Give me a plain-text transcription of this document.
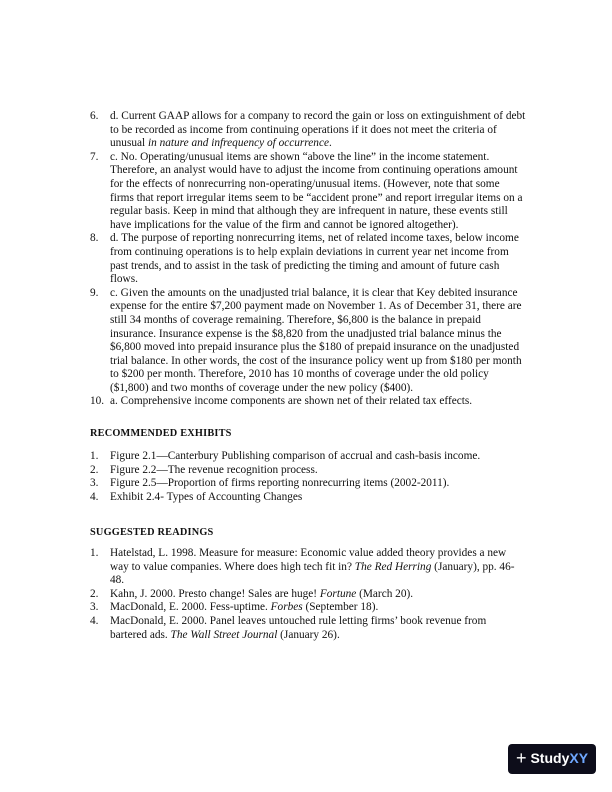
6. d. Current GAAP allows for a company to record the gain or loss on extinguishment of debt to be recorded as income from continuing operations if it does not meet the criteria of unusual in nature and infrequency of occurrence.

7. c. No. Operating/unusual items are shown “above the line” in the income statement. Therefore, an analyst would have to adjust the income from continuing operations amount for the effects of nonrecurring non-operating/unusual items. (However, note that some firms that report irregular items seem to be “accident prone” and report irregular items on a regular basis. Keep in mind that although they are infrequent in nature, these events still have implications for the value of the firm and cannot be ignored altogether).

8. d. The purpose of reporting nonrecurring items, net of related income taxes, below income from continuing operations is to help explain deviations in current year net income from past trends, and to assist in the task of predicting the timing and amount of future cash flows.

9. c. Given the amounts on the unadjusted trial balance, it is clear that Key debited insurance expense for the entire $7,200 payment made on November 1. As of December 31, there are still 34 months of coverage remaining. Therefore, $6,800 is the balance in prepaid insurance. Insurance expense is the $8,820 from the unadjusted trial balance minus the $6,800 moved into prepaid insurance plus the $180 of prepaid insurance on the unadjusted trial balance. In other words, the cost of the insurance policy went up from $180 per month to $200 per month. Therefore, 2010 has 10 months of coverage under the old policy ($1,800) and two months of coverage under the new policy ($400).

10. a. Comprehensive income components are shown net of their related tax effects.

RECOMMENDED EXHIBITS

1. Figure 2.1—Canterbury Publishing comparison of accrual and cash-basis income.

2. Figure 2.2—The revenue recognition process.

3. Figure 2.5—Proportion of firms reporting nonrecurring items (2002-2011).

4. Exhibit 2.4- Types of Accounting Changes

SUGGESTED READINGS

1. Hatelstad, L. 1998. Measure for measure: Economic value added theory provides a new way to value companies. Where does high tech fit in? The Red Herring (January), pp. 46-48.

2. Kahn, J. 2000. Presto change! Sales are huge! Fortune (March 20).

3. MacDonald, E. 2000. Fess-uptime. Forbes (September 18).

4. MacDonald, E. 2000. Panel leaves untouched rule letting firms’ book revenue from bartered ads. The Wall Street Journal (January 26).

+ Study XY
